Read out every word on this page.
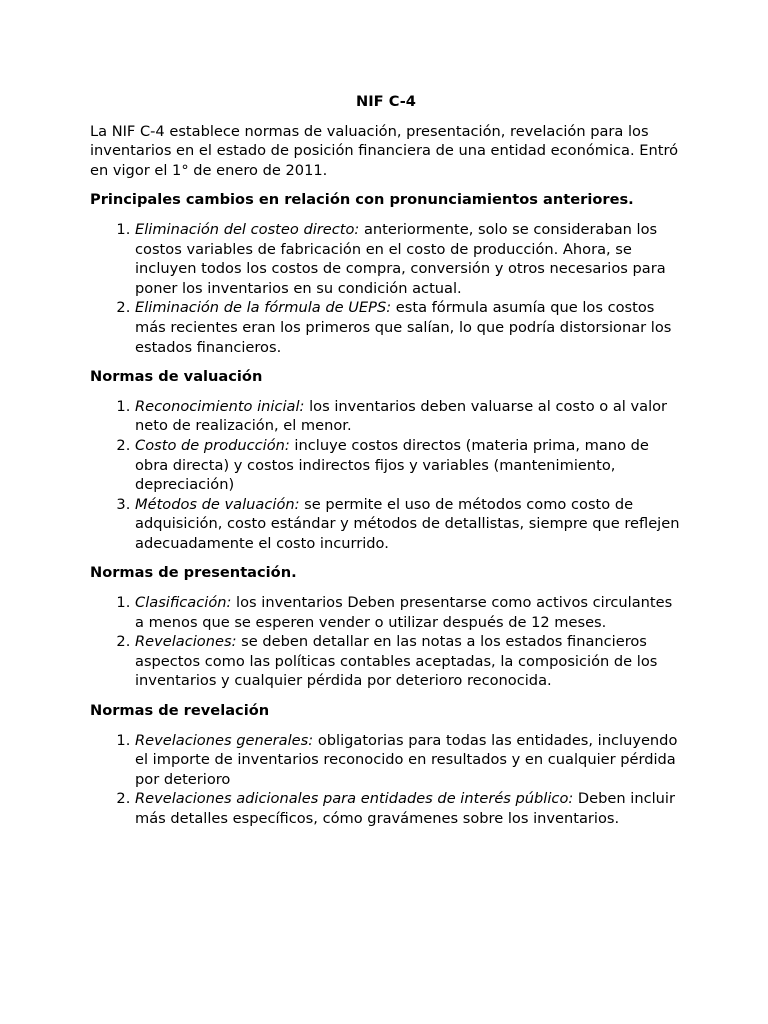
NIF C-4

La NIF C-4 establece normas de valuación, presentación, revelación para los inventarios en el estado de posición financiera de una entidad económica. Entró en vigor el 1° de enero de 2011.

Principales cambios en relación con pronunciamientos anteriores.
1. Eliminación del costeo directo: anteriormente, solo se consideraban los costos variables de fabricación en el costo de producción. Ahora, se incluyen todos los costos de compra, conversión y otros necesarios para poner los inventarios en su condición actual.
2. Eliminación de la fórmula de UEPS: esta fórmula asumía que los costos más recientes eran los primeros que salían, lo que podría distorsionar los estados financieros.
Normas de valuación
1. Reconocimiento inicial: los inventarios deben valuarse al costo o al valor neto de realización, el menor.
2. Costo de producción: incluye costos directos (materia prima, mano de obra directa) y costos indirectos fijos y variables (mantenimiento, depreciación)
3. Métodos de valuación: se permite el uso de métodos como costo de adquisición, costo estándar y métodos de detallistas, siempre que reflejen adecuadamente el costo incurrido.
Normas de presentación.
1. Clasificación: los inventarios Deben presentarse como activos circulantes a menos que se esperen vender o utilizar después de 12 meses.
2. Revelaciones: se deben detallar en las notas a los estados financieros aspectos como las políticas contables aceptadas, la composición de los inventarios y cualquier pérdida por deterioro reconocida.
Normas de revelación
1. Revelaciones generales: obligatorias para todas las entidades, incluyendo el importe de inventarios reconocido en resultados y en cualquier pérdida por deterioro
2. Revelaciones adicionales para entidades de interés público: Deben incluir más detalles específicos, cómo gravámenes sobre los inventarios.
